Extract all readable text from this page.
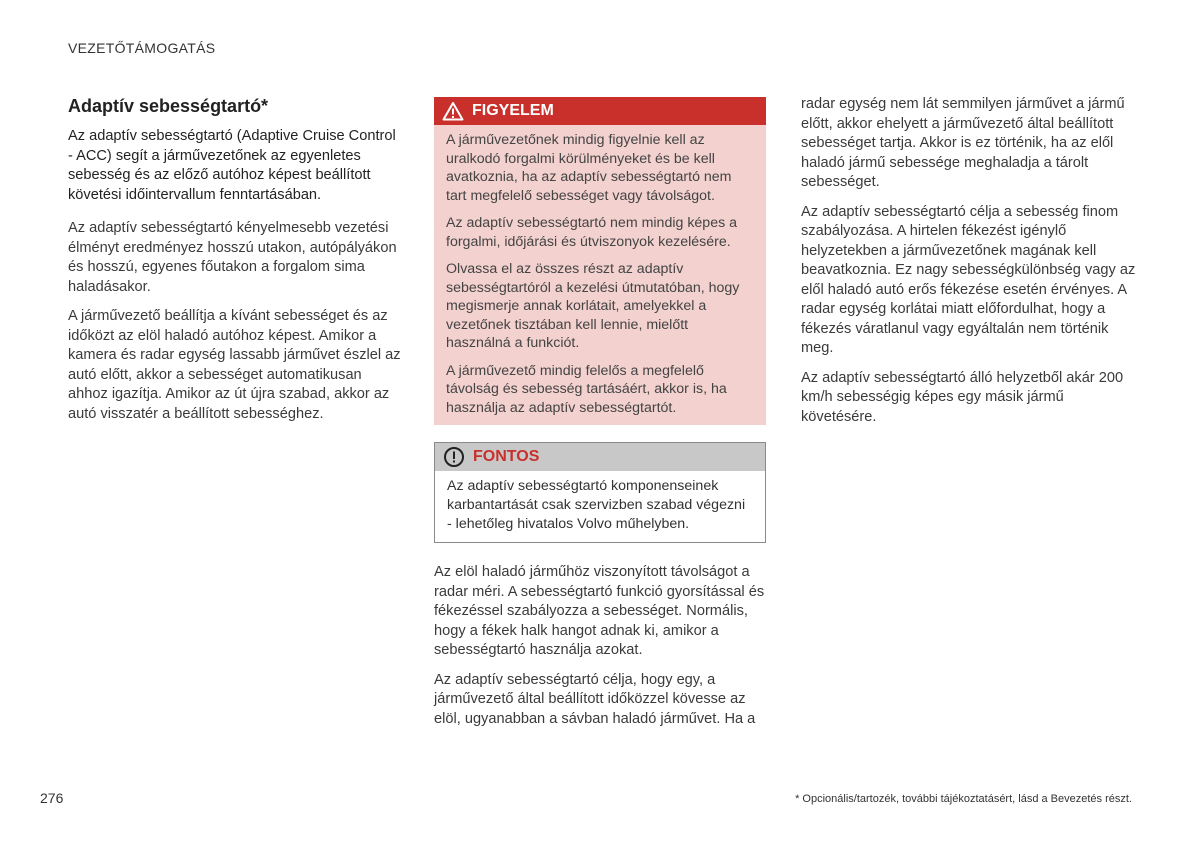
VEZETŐTÁMOGATÁS

Adaptív sebességtartó*

Az adaptív sebességtartó (Adaptive Cruise Control - ACC) segít a járművezetőnek az egyenletes sebesség és az előző autóhoz képest beállított követési időintervallum fenntartásában.

Az adaptív sebességtartó kényelmesebb vezetési élményt eredményez hosszú utakon, autópályákon és hosszú, egyenes főutakon a forgalom sima haladásakor.

A járművezető beállítja a kívánt sebességet és az időközt az elöl haladó autóhoz képest. Amikor a kamera és radar egység lassabb járművet észlel az autó előtt, akkor a sebességet automatikusan ahhoz igazítja. Amikor az út újra szabad, akkor az autó visszatér a beállított sebességhez.

FIGYELEM

A járművezetőnek mindig figyelnie kell az uralkodó forgalmi körülményeket és be kell avatkoznia, ha az adaptív sebességtartó nem tart megfelelő sebességet vagy távolságot.

Az adaptív sebességtartó nem mindig képes a forgalmi, időjárási és útviszonyok kezelésére.

Olvassa el az összes részt az adaptív sebességtartóról a kezelési útmutatóban, hogy megismerje annak korlátait, amelyekkel a vezetőnek tisztában kell lennie, mielőtt használná a funkciót.

A járművezető mindig felelős a megfelelő távolság és sebesség tartásáért, akkor is, ha használja az adaptív sebességtartót.

FONTOS
Az adaptív sebességtartó komponenseinek karbantartását csak szervizben szabad végezni - lehetőleg hivatalos Volvo műhelyben.

Az elöl haladó járműhöz viszonyított távolságot a radar méri. A sebességtartó funkció gyorsítással és fékezéssel szabályozza a sebességet. Normális, hogy a fékek halk hangot adnak ki, amikor a sebességtartó használja azokat.

Az adaptív sebességtartó célja, hogy egy, a járművezető által beállított időközzel kövesse az elöl, ugyanabban a sávban haladó járművet. Ha a

radar egység nem lát semmilyen járművet a jármű előtt, akkor ehelyett a járművezető által beállított sebességet tartja. Akkor is ez történik, ha az elől haladó jármű sebessége meghaladja a tárolt sebességet.

Az adaptív sebességtartó célja a sebesség finom szabályozása. A hirtelen fékezést igénylő helyzetekben a járművezetőnek magának kell beavatkoznia. Ez nagy sebességkülönbség vagy az elől haladó autó erős fékezése esetén érvényes. A radar egység korlátai miatt előfordulhat, hogy a fékezés váratlanul vagy egyáltalán nem történik meg.

Az adaptív sebességtartó álló helyzetből akár 200 km/h sebességig képes egy másik jármű követésére.

276	* Opcionális/tartozék, további tájékoztatásért, lásd a Bevezetés részt.
